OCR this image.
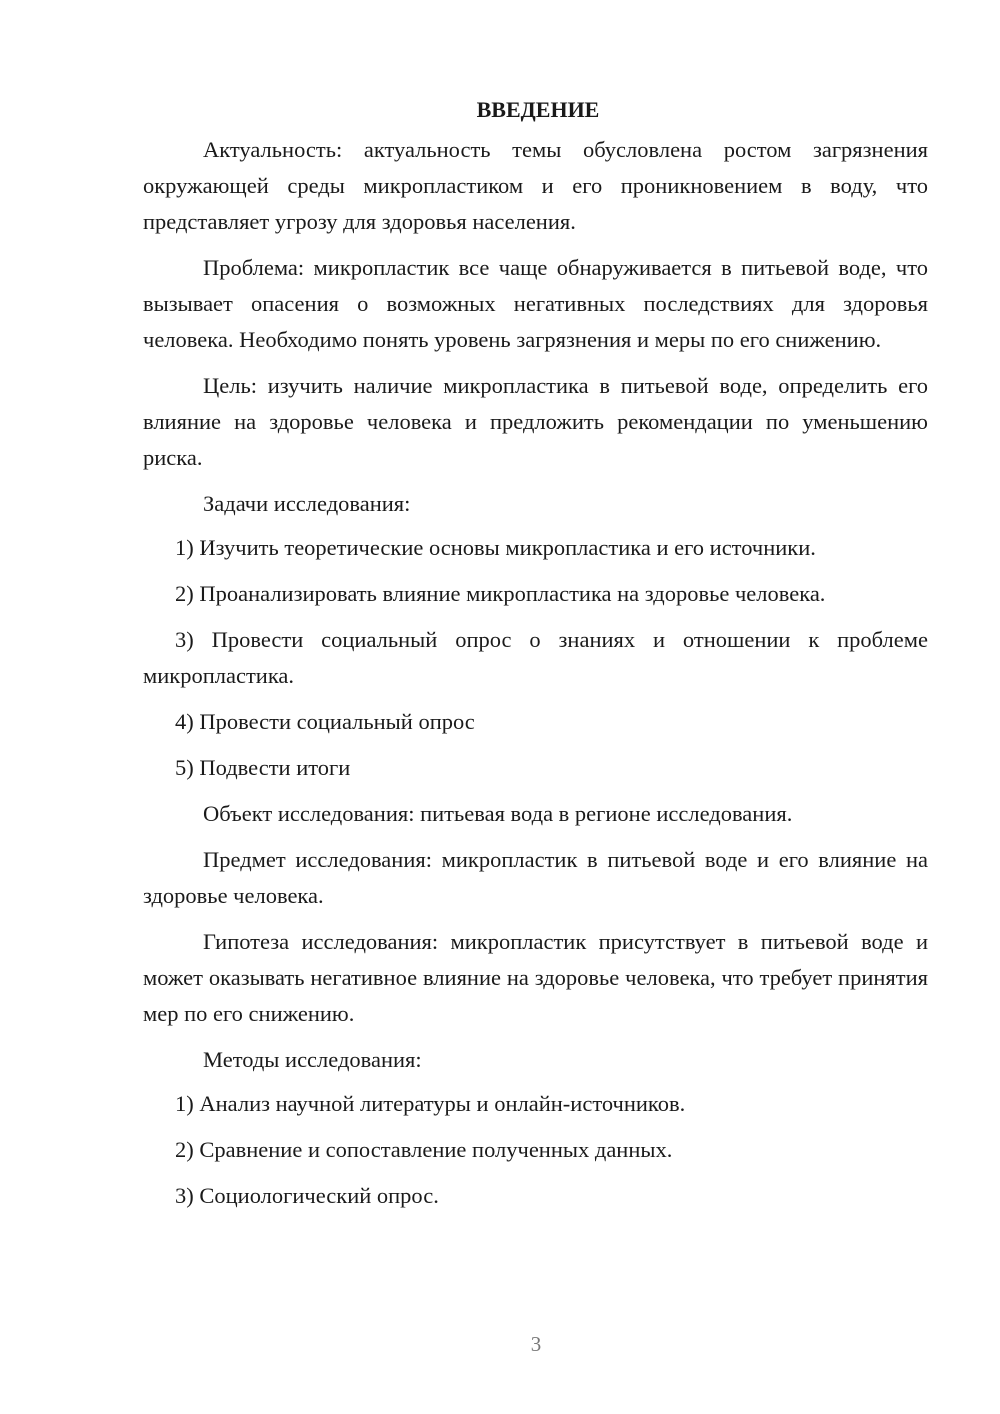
ВВЕДЕНИЕ

Актуальность: актуальность темы обусловлена ростом загрязнения окружающей среды микропластиком и его проникновением в воду, что представляет угрозу для здоровья населения.

Проблема: микропластик все чаще обнаруживается в питьевой воде, что вызывает опасения о возможных негативных последствиях для здоровья человека. Необходимо понять уровень загрязнения и меры по его снижению.

Цель: изучить наличие микропластика в питьевой воде, определить его влияние на здоровье человека и предложить рекомендации по уменьшению риска.

Задачи исследования:

1) Изучить теоретические основы микропластика и его источники.

2) Проанализировать влияние микропластика на здоровье человека.

3) Провести социальный опрос о знаниях и отношении к проблеме микропластика.

4) Провести социальный опрос

5) Подвести итоги

Объект исследования: питьевая вода в регионе исследования.

Предмет исследования: микропластик в питьевой воде и его влияние на здоровье человека.

Гипотеза исследования: микропластик присутствует в питьевой воде и может оказывать негативное влияние на здоровье человека, что требует принятия мер по его снижению.

Методы исследования:

1) Анализ научной литературы и онлайн-источников.

2) Сравнение и сопоставление полученных данных.

3) Социологический опрос.

3
